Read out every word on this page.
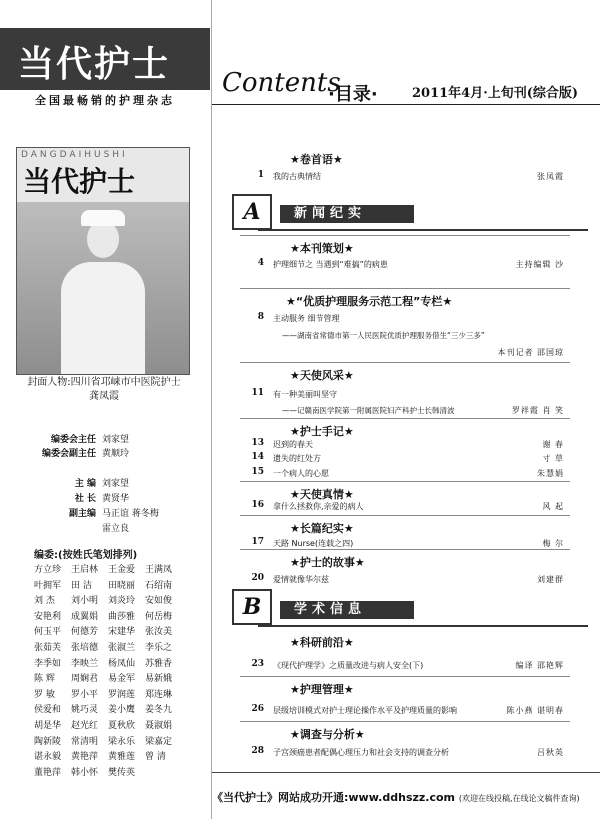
当代护士
全国最畅销的护理杂志
DANGDAIHUSHI
当代护士
封面人物:四川省邛崃市中医院护士
龚凤霞
编委会主任 刘家望
编委会副主任 黄顺玲
主 编 刘家望
社 长 黄贤华
副主编 马正谊 蒋冬梅
雷立良
编委:(按姓氏笔划排列)
方立珍	王启林	王金爱	王满凤
叶拥军	田 洁	田晓丽	石绍南
刘 杰	刘小明	刘炎玲	安如俊
安艳利	成翼娟	曲莎雅	何岳梅
何玉平	何德芳	宋建华	张汝美
张茹芙	张培德	张淑兰	李乐之
李季如	李映兰	杨凤仙	苏雅香
陈 辉	周娴君	易金军	易新娥
罗 敏	罗小平	罗润莲	郑连琳
侯爱和	姚巧灵	姜小鹰	姜冬九
胡是华	赵光红	夏秋欣	聂淑娟
陶新陵	常清明	梁永乐	梁嘉定
谌永毅	黄艳萍	黄雅莲	曾 清
董艳萍	韩小怀	樊传英
Contents
·目录·	2011年4月·上旬刊(综合版)
A	新闻纪实
B	学术信息
★卷首语★
1 我的古典情结	张凤霞
★本刊策划★
4 护理细节之 当遇到“难搞”的病患	主持编辑 沙
★“优质护理服务示范工程”专栏★
8 主动服务 细节管理
——湖南省常德市第一人民医院优质护理服务借生“三少三多”
本刊记者 邵国琼
★天使风采★
11 有一种美丽叫坚守
——记赣南医学院第一附属医院妇产科护士长韩清波	罗祥霞 肖 笑
★护士手记★
13 迟到的春天	谢 春
14 遗失的红处方	寸 草
15 一个病人的心愿	朱慧娟
★天使真情★
16 拿什么拯救你,亲爱的病人	风 起
★长篇纪实★
17 天路 Nurse(连载之四)	梅 尔
★护士的故事★
20 爱情就像华尔兹	刘建群
★科研前沿★
23 《现代护理学》之质量改进与病人安全(下)	编译 邵艳辉
★护理管理★
26 层级培训模式对护士理论操作水平及护理质量的影响	陈小燕 谌明春
★调查与分析★
28 子宫颈癌患者配偶心理压力和社会支持的调查分析	吕秋英
《当代护士》网站成功开通:www.ddhszz.com (欢迎在线投稿,在线论文稿件查询)
